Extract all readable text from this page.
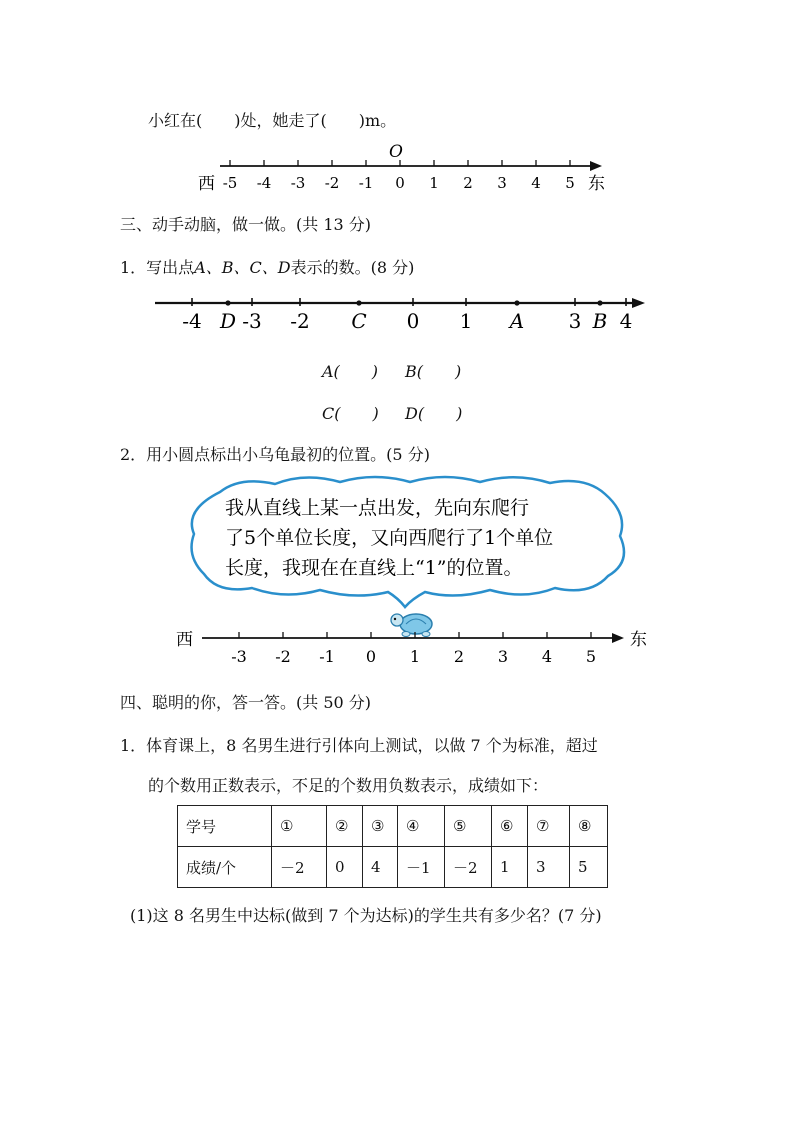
小红在(　　)处，她走了(　　)m。
-5 -4 -3 -2 -1 0 1 2 3 4 5
O
西	东
三、动手动脑，做一做。(共 13 分)
1．写出点A、B、C、D表示的数。(8 分)
-4 D -3 -2 C 0 1 A 3 B 4
A(　　) B(　　)
C(　　) D(　　)
2．用小圆点标出小乌龟最初的位置。(5 分)
我从直线上某一点出发，先向东爬行
了5个单位长度，又向西爬行了1个单位
长度，我现在在直线上“1”的位置。
-3 -2 -1 0 1 2 3 4 5
西	东
四、聪明的你，答一答。(共 50 分)
1．体育课上，8 名男生进行引体向上测试，以做 7 个为标准，超过
的个数用正数表示，不足的个数用负数表示，成绩如下：
学号	①	②	③	④	⑤	⑥	⑦	⑧
成绩/个	－2	0	4	－1	－2	1	3	5
(1)这 8 名男生中达标(做到 7 个为达标)的学生共有多少名？(7 分)
